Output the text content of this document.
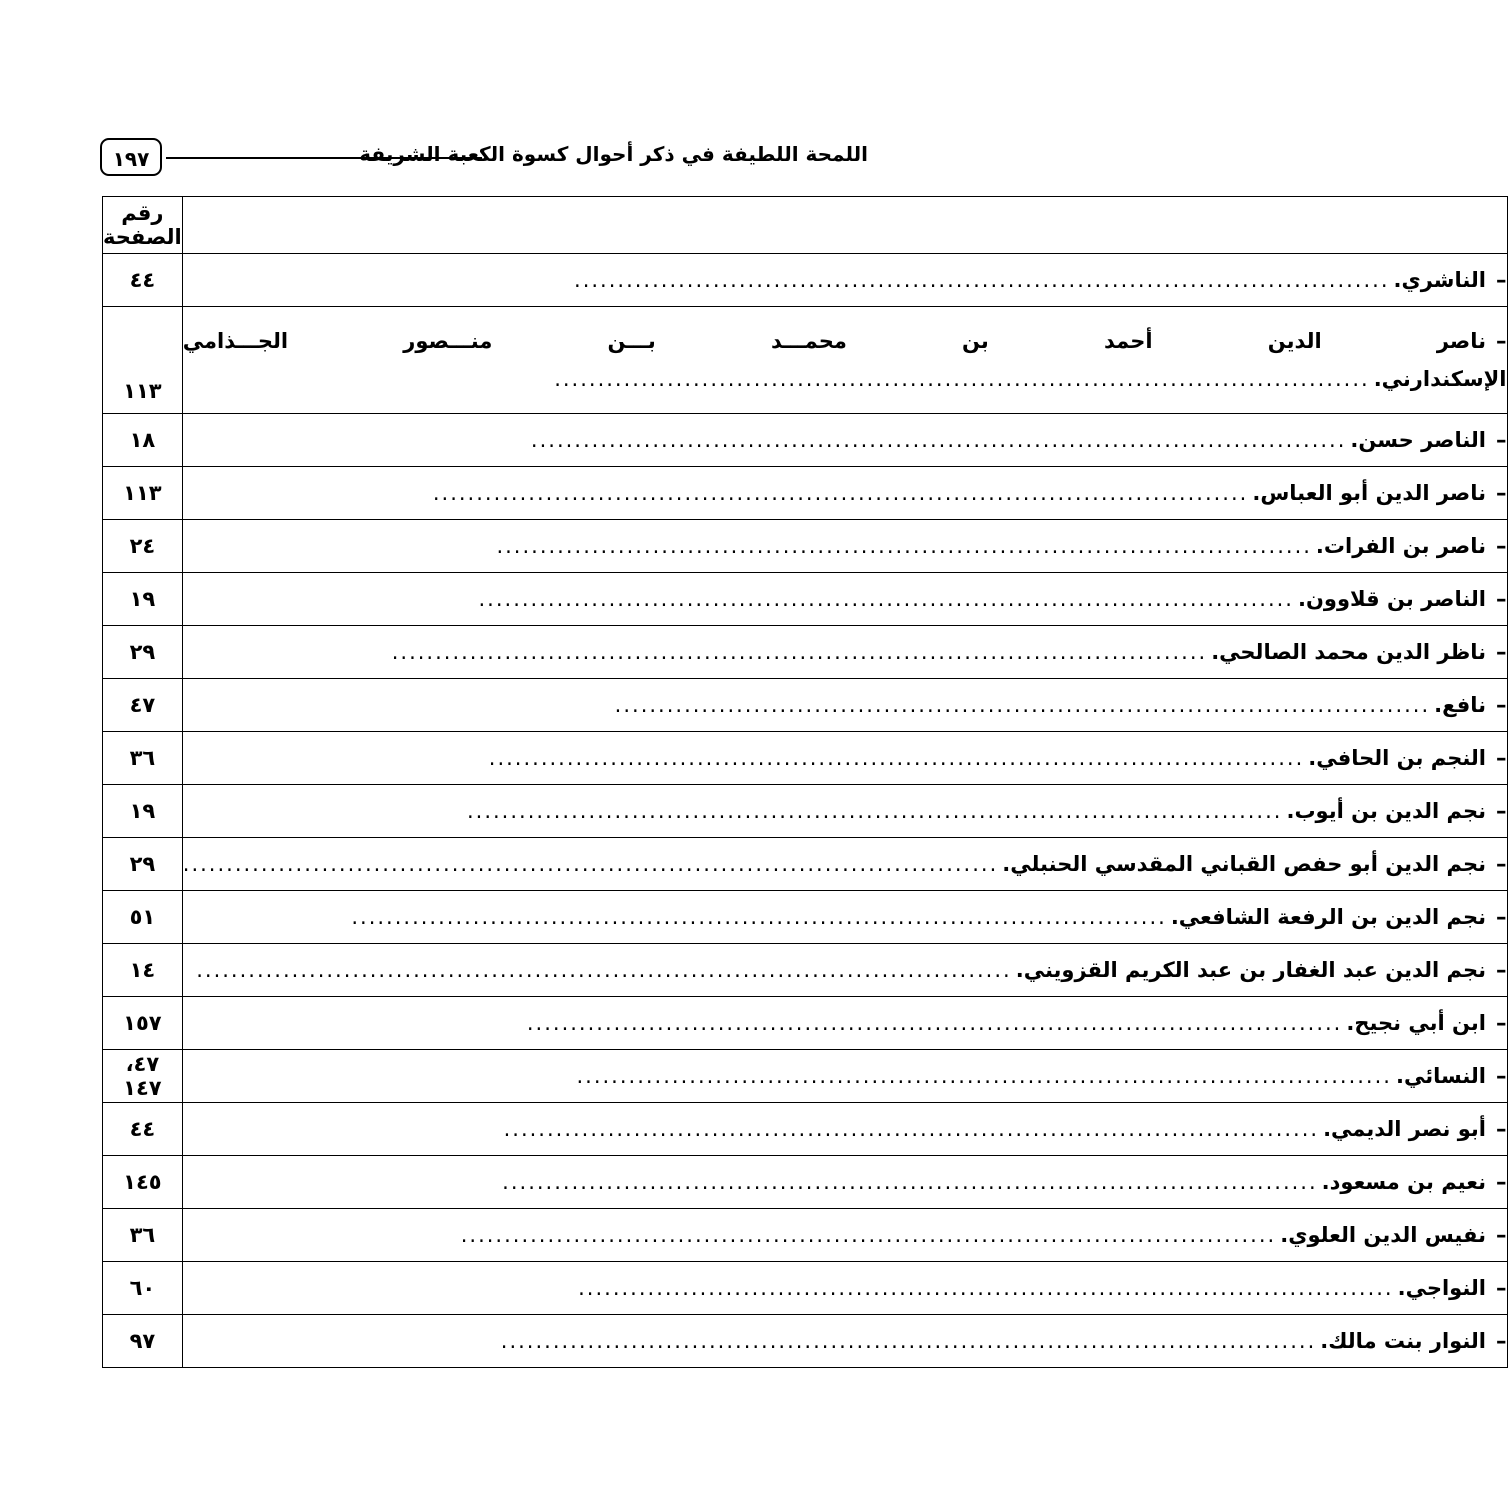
اللمحة اللطيفة في ذكر أحوال كسوة الكعبة الشريفة
١٩٧
	رقم الصفحة

–
الناشري.
..............................................................................................	٤٤

–ناصر الدين أحمد بن محمـــد بـــن منـــصور الجـــذامي
الإسكندارني.
..............................................................................................	١١٣

–
الناصر حسن.
..............................................................................................	١٨

–
ناصر الدين أبو العباس.
..............................................................................................	١١٣

–
ناصر بن الفرات.
..............................................................................................	٢٤

–
الناصر بن قلاوون.
..............................................................................................	١٩

–
ناظر الدين محمد الصالحي.
..............................................................................................	٢٩

–
نافع.
..............................................................................................	٤٧

–
النجم بن الحافي.
..............................................................................................	٣٦

–
نجم الدين بن أيوب.
..............................................................................................	١٩

–
نجم الدين أبو حفص القباني المقدسي الحنبلي.
..............................................................................................	٢٩

–
نجم الدين بن الرفعة الشافعي.
..............................................................................................	٥١

–
نجم الدين عبد الغفار بن عبد الكريم القزويني.
..............................................................................................	١٤

–
ابن أبي نجيح.
..............................................................................................	١٥٧

–
النسائي.
..............................................................................................	٤٧، ١٤٧

–
أبو نصر الديمي.
..............................................................................................	٤٤

–
نعيم بن مسعود.
..............................................................................................	١٤٥

–
نفيس الدين العلوي.
..............................................................................................	٣٦

–
النواجي.
..............................................................................................	٦٠

–
النوار بنت مالك.
..............................................................................................	٩٧
